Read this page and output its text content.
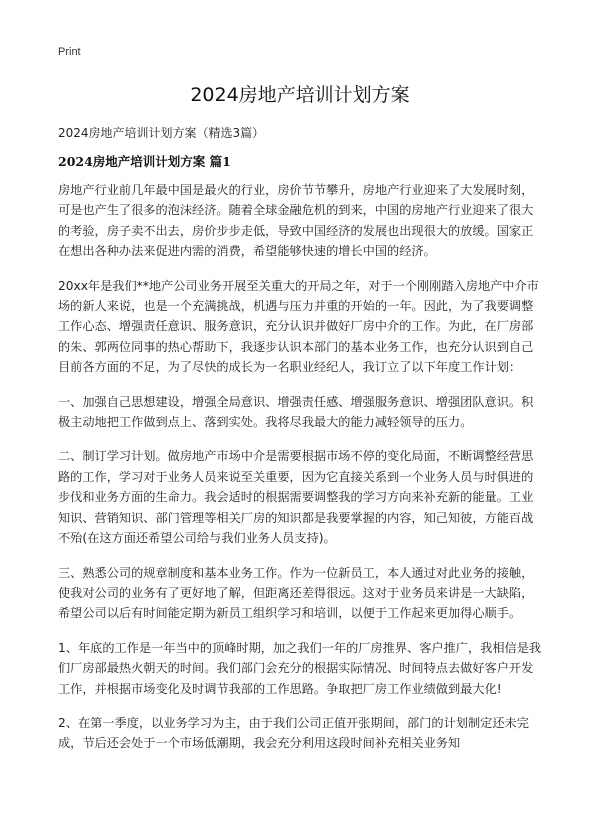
Print
2024房地产培训计划方案
2024房地产培训计划方案（精选3篇）
2024房地产培训计划方案 篇1

房地产行业前几年最中国是最火的行业，房价节节攀升，房地产行业迎来了大发展时刻，可是也产生了很多的泡沫经济。随着全球金融危机的到来，中国的房地产行业迎来了很大的考验，房子卖不出去，房价步步走低，导致中国经济的发展也出现很大的放缓。国家正在想出各种办法来促进内需的消费，希望能够快速的增长中国的经济。

20xx年是我们**地产公司业务开展至关重大的开局之年，对于一个刚刚踏入房地产中介市场的新人来说，也是一个充满挑战，机遇与压力并重的开始的一年。因此，为了我要调整工作心态、增强责任意识、服务意识，充分认识并做好厂房中介的工作。为此，在厂房部的朱、郭两位同事的热心帮助下，我逐步认识本部门的基本业务工作，也充分认识到自己目前各方面的不足，为了尽快的成长为一名职业经纪人，我订立了以下年度工作计划：

一、加强自己思想建设，增强全局意识、增强责任感、增强服务意识、增强团队意识。积极主动地把工作做到点上、落到实处。我将尽我最大的能力减轻领导的压力。

二、制订学习计划。做房地产市场中介是需要根据市场不停的变化局面，不断调整经营思路的工作，学习对于业务人员来说至关重要，因为它直接关系到一个业务人员与时俱进的步伐和业务方面的生命力。我会适时的根据需要调整我的学习方向来补充新的能量。工业知识、营销知识、部门管理等相关厂房的知识都是我要掌握的内容，知己知彼，方能百战不殆(在这方面还希望公司给与我们业务人员支持)。

三、熟悉公司的规章制度和基本业务工作。作为一位新员工，本人通过对此业务的接触，使我对公司的业务有了更好地了解，但距离还差得很远。这对于业务员来讲是一大缺陷，希望公司以后有时间能定期为新员工组织学习和培训，以便于工作起来更加得心顺手。

1、年底的工作是一年当中的顶峰时期，加之我们一年的厂房推界、客户推广，我相信是我们厂房部最热火朝天的时间。我们部门会充分的根据实际情况、时间特点去做好客户开发工作，并根据市场变化及时调节我部的工作思路。争取把厂房工作业绩做到最大化!

2、在第一季度，以业务学习为主，由于我们公司正值开张期间，部门的计划制定还未完成，节后还会处于一个市场低潮期，我会充分利用这段时间补充相关业务知
